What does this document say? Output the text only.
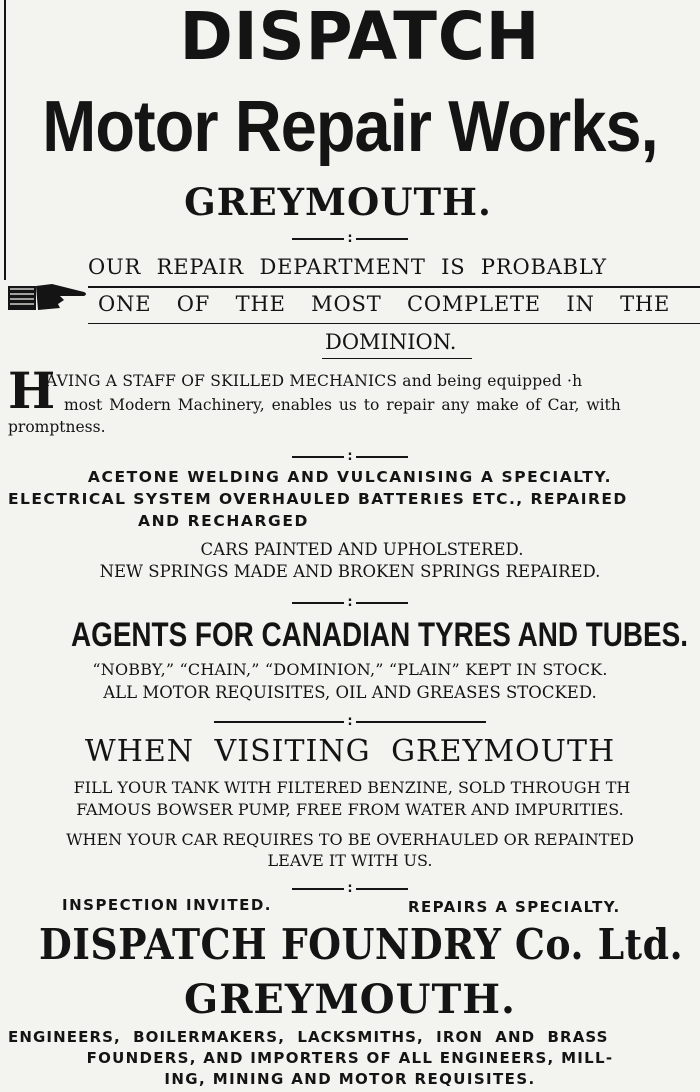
DISPATCH
Motor Repair Works,
GREYMOUTH.
:
OUR REPAIR DEPARTMENT IS PROBABLY
ONE OF THE MOST COMPLETE IN THE
DOMINION.
H
AVING A STAFF OF SKILLED MECHANICS and being equipped ·h
most Modern Machinery, enables us to repair any make of Car, with
promptness.
:
ACETONE WELDING AND VULCANISING A SPECIALTY.
ELECTRICAL SYSTEM OVERHAULED BATTERIES ETC., REPAIRED
AND RECHARGED
CARS PAINTED AND UPHOLSTERED.
NEW SPRINGS MADE AND BROKEN SPRINGS REPAIRED.
:
AGENTS FOR CANADIAN TYRES AND TUBES.
“NOBBY,” “CHAIN,” “DOMINION,” “PLAIN” KEPT IN STOCK.
ALL MOTOR REQUISITES, OIL AND GREASES STOCKED.
:
WHEN VISITING GREYMOUTH
FILL YOUR TANK WITH FILTERED BENZINE, SOLD THROUGH TH
FAMOUS BOWSER PUMP, FREE FROM WATER AND IMPURITIES.
WHEN YOUR CAR REQUIRES TO BE OVERHAULED OR REPAINTED
LEAVE IT WITH US.
:
INSPECTION INVITED.	REPAIRS A SPECIALTY.
DISPATCH FOUNDRY Co. Ltd.
GREYMOUTH.
ENGINEERS, BOILERMAKERS, LACKSMITHS, IRON AND BRASS
FOUNDERS, AND IMPORTERS OF ALL ENGINEERS, MILL-
ING, MINING AND MOTOR REQUISITES.
